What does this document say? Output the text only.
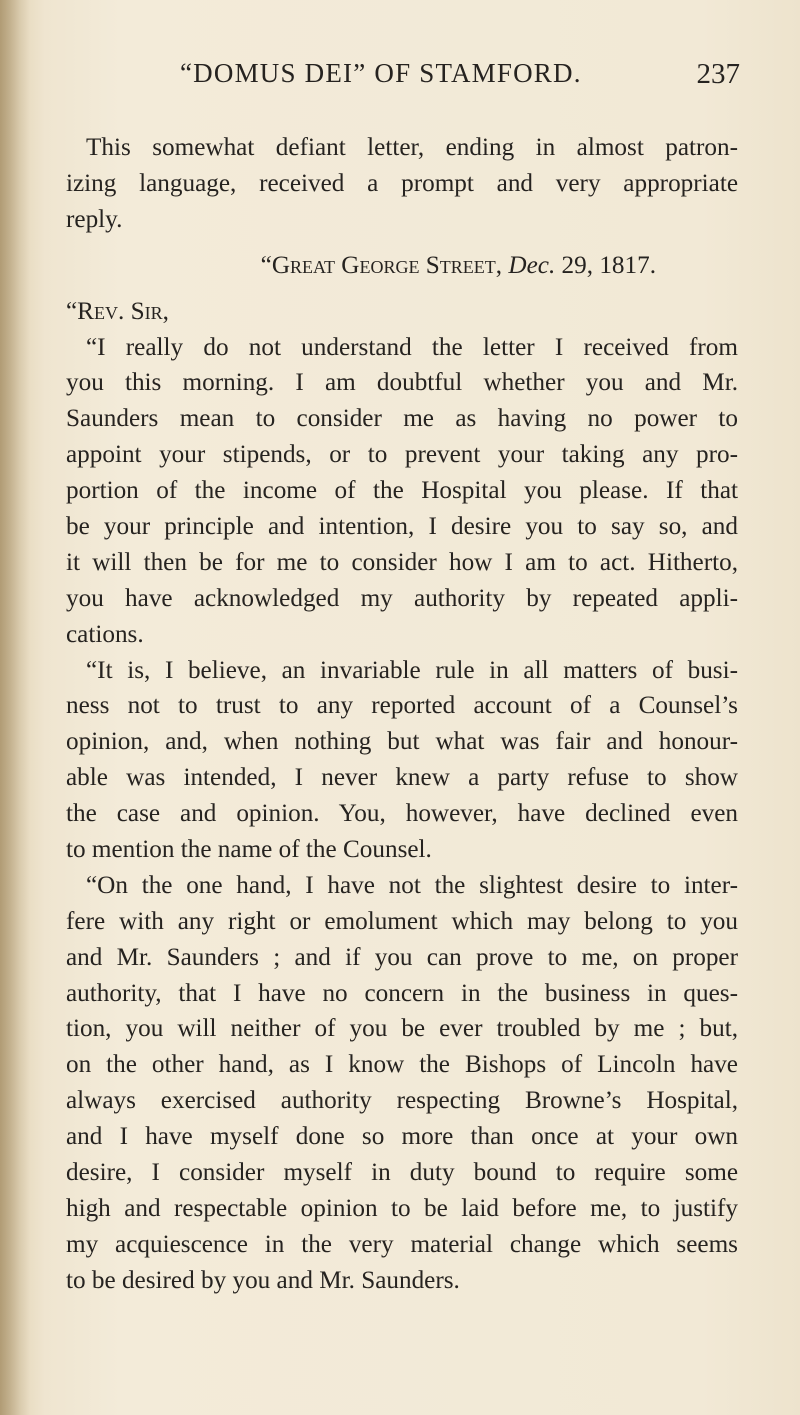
“DOMUS DEI” OF STAMFORD.	237
This somewhat defiant letter, ending in almost patron-
izing language, received a prompt and very appropriate
reply.
“Great George Street, Dec. 29, 1817.
“Rev. Sir,
“I really do not understand the letter I received from
you this morning. I am doubtful whether you and Mr.
Saunders mean to consider me as having no power to
appoint your stipends, or to prevent your taking any pro-
portion of the income of the Hospital you please. If that
be your principle and intention, I desire you to say so, and
it will then be for me to consider how I am to act. Hitherto,
you have acknowledged my authority by repeated appli-
cations.
“It is, I believe, an invariable rule in all matters of busi-
ness not to trust to any reported account of a Counsel’s
opinion, and, when nothing but what was fair and honour-
able was intended, I never knew a party refuse to show
the case and opinion. You, however, have declined even
to mention the name of the Counsel.
“On the one hand, I have not the slightest desire to inter-
fere with any right or emolument which may belong to you
and Mr. Saunders ; and if you can prove to me, on proper
authority, that I have no concern in the business in ques-
tion, you will neither of you be ever troubled by me ; but,
on the other hand, as I know the Bishops of Lincoln have
always exercised authority respecting Browne’s Hospital,
and I have myself done so more than once at your own
desire, I consider myself in duty bound to require some
high and respectable opinion to be laid before me, to justify
my acquiescence in the very material change which seems
to be desired by you and Mr. Saunders.
